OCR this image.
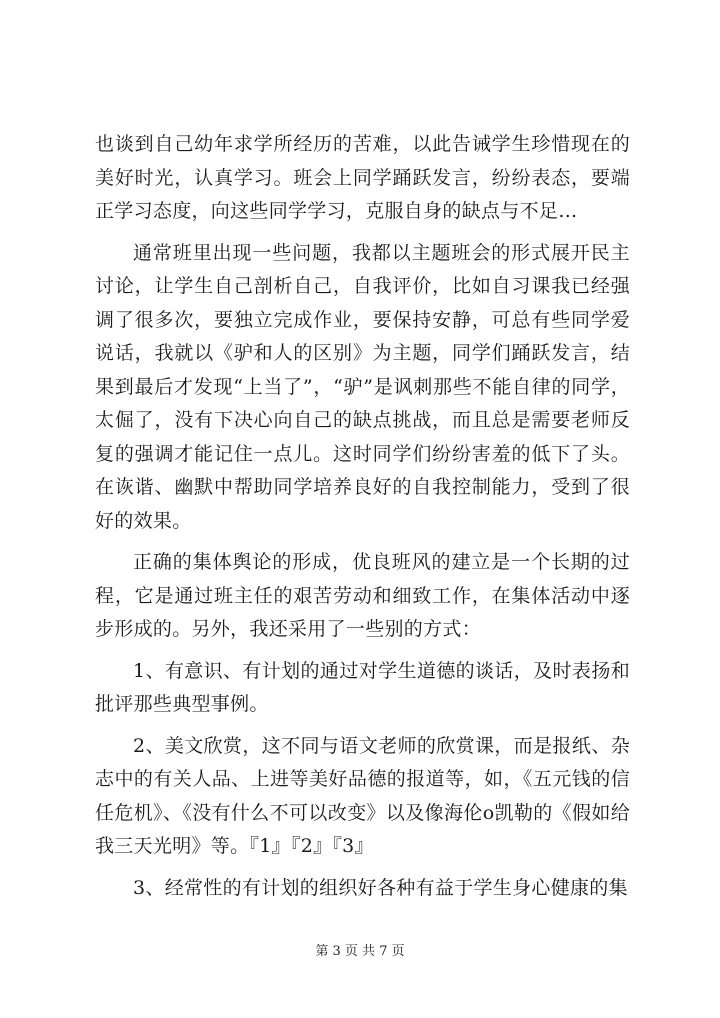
也谈到自己幼年求学所经历的苦难，以此告诫学生珍惜现在的美好时光，认真学习。班会上同学踊跃发言，纷纷表态，要端正学习态度，向这些同学学习，克服自身的缺点与不足…

通常班里出现一些问题，我都以主题班会的形式展开民主讨论，让学生自己剖析自己，自我评价，比如自习课我已经强调了很多次，要独立完成作业，要保持安静，可总有些同学爱说话，我就以《驴和人的区别》为主题，同学们踊跃发言，结果到最后才发现“上当了”，“驴”是讽刺那些不能自律的同学，太倔了，没有下决心向自己的缺点挑战，而且总是需要老师反复的强调才能记住一点儿。这时同学们纷纷害羞的低下了头。在诙谐、幽默中帮助同学培养良好的自我控制能力，受到了很好的效果。

正确的集体舆论的形成，优良班风的建立是一个长期的过程，它是通过班主任的艰苦劳动和细致工作，在集体活动中逐步形成的。另外，我还采用了一些别的方式：

1、有意识、有计划的通过对学生道德的谈话，及时表扬和批评那些典型事例。

2、美文欣赏，这不同与语文老师的欣赏课，而是报纸、杂志中的有关人品、上进等美好品德的报道等，如，《五元钱的信任危机》、《没有什么不可以改变》以及像海伦o凯勒的《假如给我三天光明》等。『1』『2』『3』

3、经常性的有计划的组织好各种有益于学生身心健康的集

第 3 页 共 7 页
